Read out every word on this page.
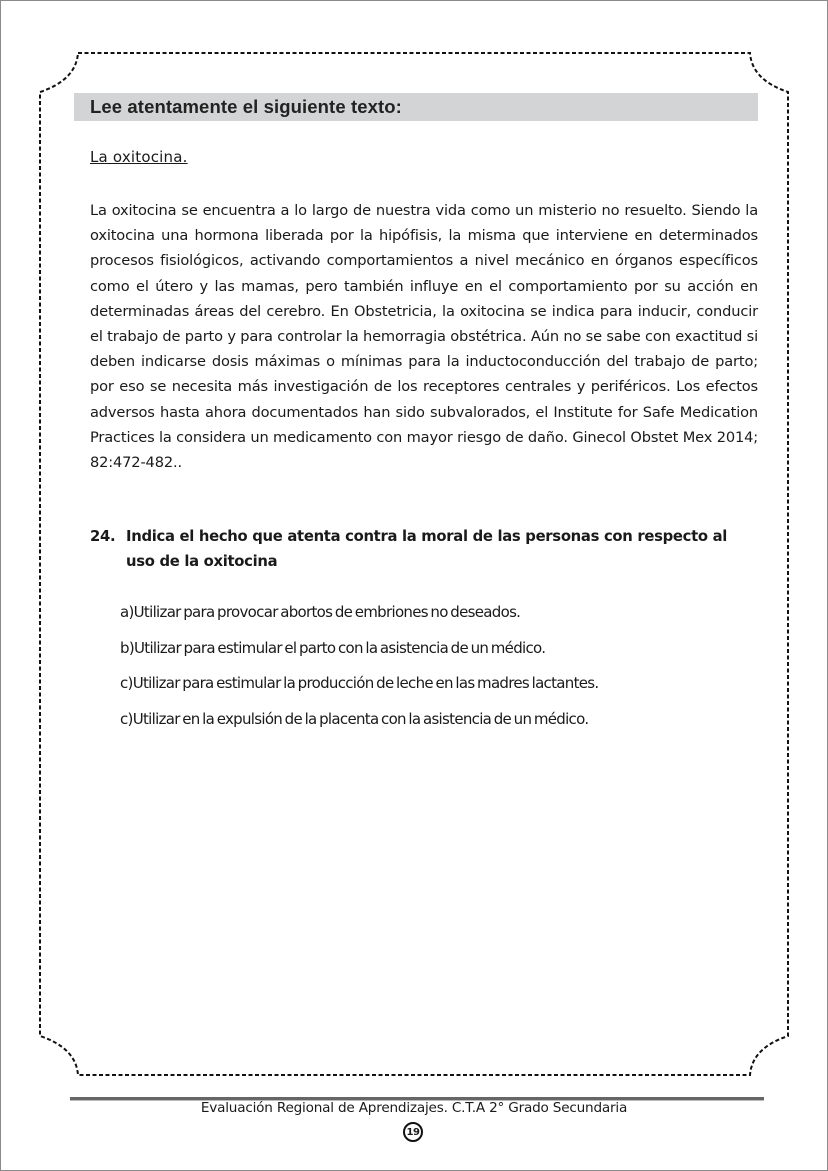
Lee atentamente el siguiente texto:
La oxitocina.
La oxitocina se encuentra a lo largo de nuestra vida como un misterio no resuelto. Siendo la oxitocina una hormona liberada por la hipófisis, la misma que interviene en determinados procesos fisiológicos, activando comportamientos a nivel mecánico en órganos específicos como el útero y las mamas, pero también influye en el comportamiento por su acción en determinadas áreas del cerebro. En Obstetricia, la oxitocina se indica para inducir, conducir el trabajo de parto y para controlar la hemorragia obstétrica. Aún no se sabe con exactitud si deben indicarse dosis máximas o mínimas para la inductoconducción del trabajo de parto; por eso se necesita más investigación de los receptores centrales y periféricos. Los efectos adversos hasta ahora documentados han sido subvalorados, el Institute for Safe Medication Practices la considera un medicamento con mayor riesgo de daño. Ginecol Obstet Mex 2014; 82:472-482..
24. Indica el hecho que atenta contra la moral de las personas con respecto al
uso de la oxitocina
a)Utilizar para provocar abortos de embriones no deseados.
b)Utilizar para estimular el parto con la asistencia de un médico.
c)Utilizar para estimular la producción de leche en las madres lactantes.
c)Utilizar en la expulsión de la placenta con la asistencia de un médico.
Evaluación Regional de Aprendizajes. C.T.A 2° Grado Secundaria
19
